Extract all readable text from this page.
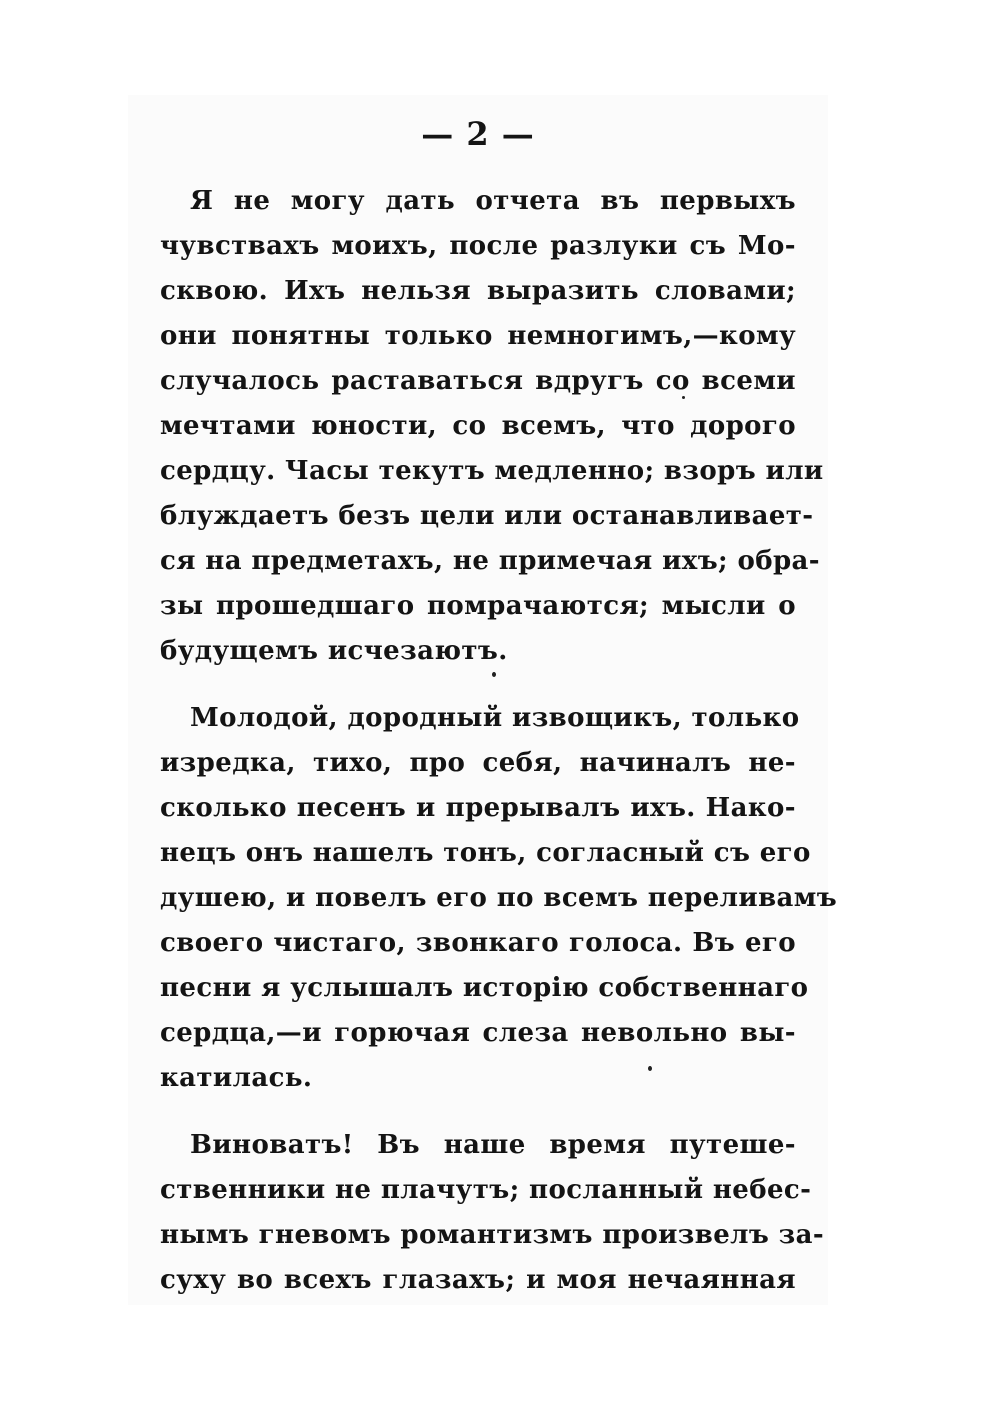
— 2 —
Я не могу дать отчета въ первыхъ
чувствахъ моихъ, после разлуки съ Мо-
сквою. Ихъ нельзя выразить словами;
они понятны только немногимъ,—кому
случалось раставаться вдругъ со всеми
мечтами юности, со всемъ, что дорого
сердцу. Часы текутъ медленно; взоръ или
блуждаетъ безъ цели или останавливает-
ся на предметахъ, не примечая ихъ; обра-
зы прошедшаго помрачаются; мысли о
будущемъ исчезаютъ.
Молодой, дородный извощикъ, только
изредка, тихо, про себя, начиналъ не-
сколько песенъ и прерывалъ ихъ. Нако-
нецъ онъ нашелъ тонъ, согласный съ его
душею, и повелъ его по всемъ переливамъ
своего чистаго, звонкаго голоса. Въ его
песни я услышалъ исторiю собственнаго
сердца,—и горючая слеза невольно вы-
катилась.
Виноватъ! Въ наше время путеше-
ственники не плачутъ; посланный небес-
нымъ гневомъ романтизмъ произвелъ за-
суху во всехъ глазахъ; и моя нечаянная
